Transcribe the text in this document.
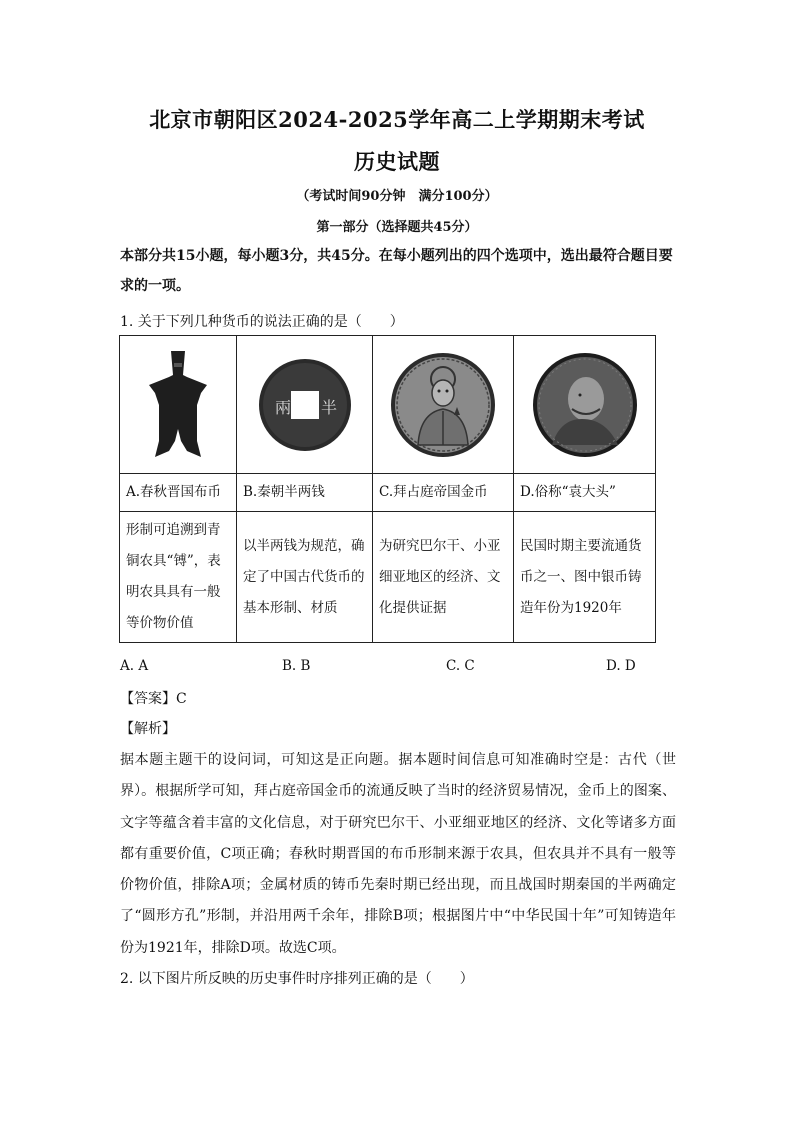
北京市朝阳区2024-2025学年高二上学期期末考试
历史试题
（考试时间90分钟　满分100分）
第一部分（选择题共45分）
本部分共15小题，每小题3分，共45分。在每小题列出的四个选项中，选出最符合题目要求的一项。
1. 关于下列几种货币的说法正确的是（　　）

兩 半

A.春秋晋国布币	B.秦朝半两钱	C.拜占庭帝国金币	D.俗称“袁大头”
形制可追溯到青铜农具“镈”，表明农具具有一般等价物价值	以半两钱为规范，确定了中国古代货币的基本形制、材质	为研究巴尔干、小亚细亚地区的经济、文化提供证据	民国时期主要流通货币之一、图中银币铸造年份为1920年
A. A	B. B	C. C	D. D
【答案】C
【解析】
据本题主题干的设问词，可知这是正向题。据本题时间信息可知准确时空是：古代（世界）。根据所学可知，拜占庭帝国金币的流通反映了当时的经济贸易情况，金币上的图案、文字等蕴含着丰富的文化信息，对于研究巴尔干、小亚细亚地区的经济、文化等诸多方面都有重要价值，C项正确；春秋时期晋国的布币形制来源于农具，但农具并不具有一般等价物价值，排除A项；金属材质的铸币先秦时期已经出现，而且战国时期秦国的半两确定了“圆形方孔”形制，并沿用两千余年，排除B项；根据图片中“中华民国十年”可知铸造年份为1921年，排除D项。故选C项。
2. 以下图片所反映的历史事件时序排列正确的是（　　）
